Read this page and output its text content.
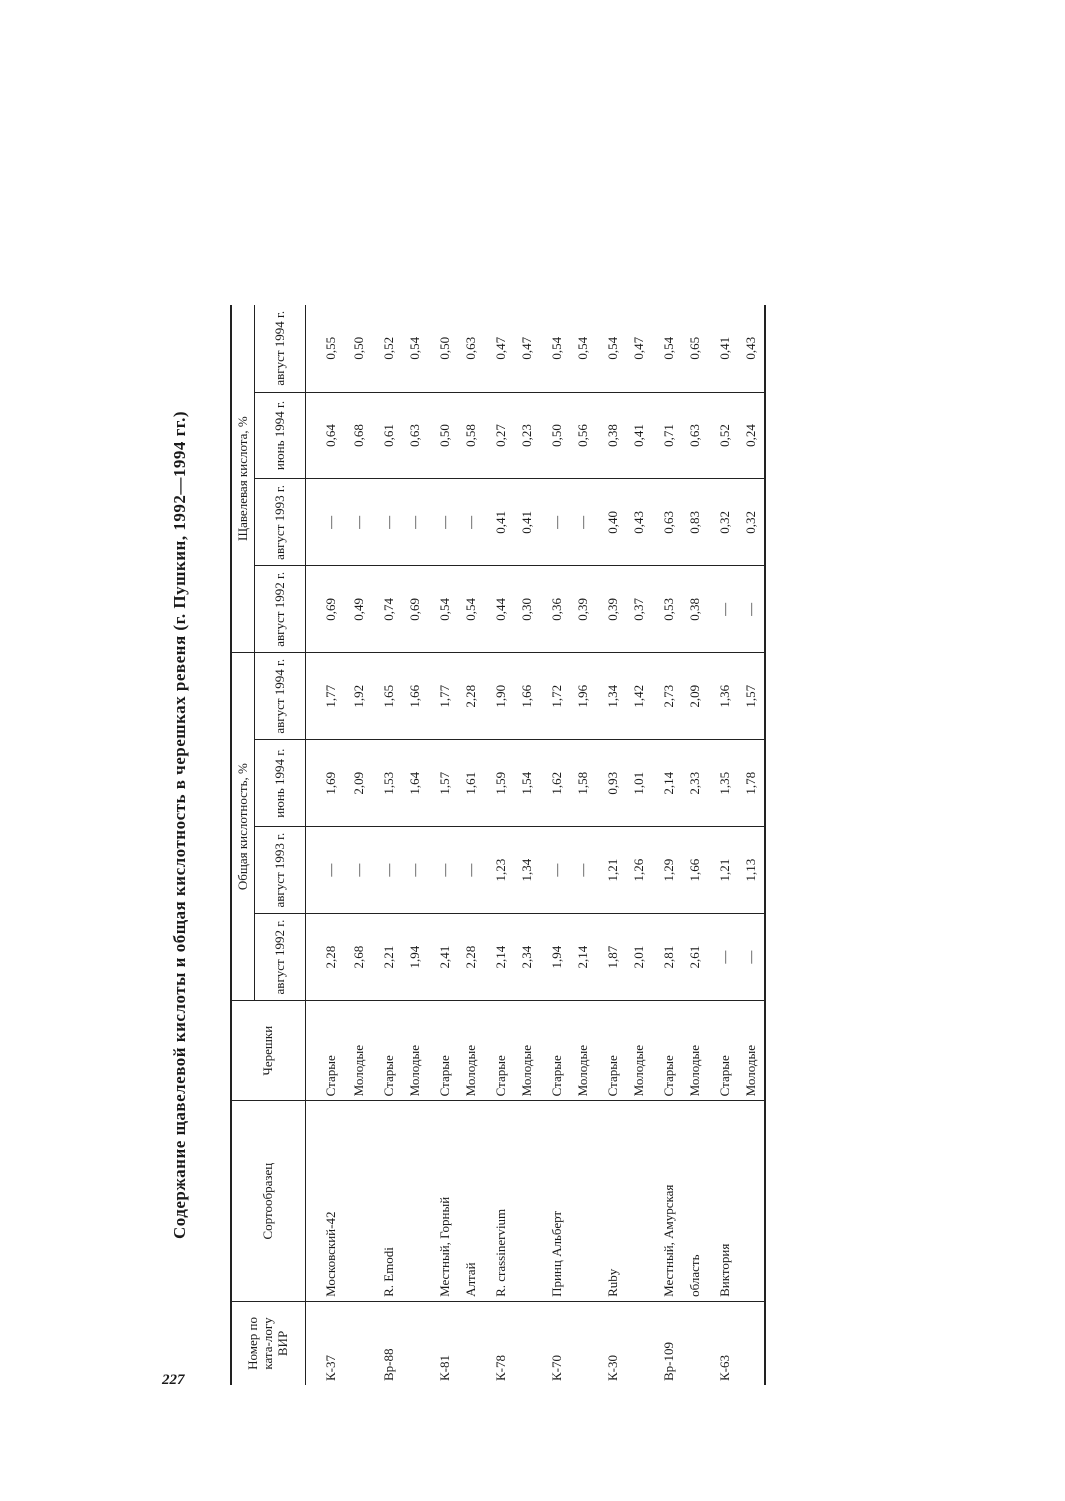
Содержание щавелевой кислоты и общая кислотность в черешках ревеня (г. Пушкин, 1992—1994 гг.)
Номер по ката-логу ВИР	Сортообразец	Черешки	Общая кислотность, %				Щавелевая кислота, %			
			август 1992 г.	август 1993 г.	июнь 1994 г.	август 1994 г.	август 1992 г.	август 1993 г.	июнь 1994 г.	август 1994 г.
К-37	Московский-42	Старые	2,28	—	1,69	1,77	0,69	—	0,64	0,55
		Молодые	2,68	—	2,09	1,92	0,49	—	0,68	0,50
Вр-88	R. Emodi	Старые	2,21	—	1,53	1,65	0,74	—	0,61	0,52
		Молодые	1,94	—	1,64	1,66	0,69	—	0,63	0,54
К-81	Местный, Горный	Старые	2,41	—	1,57	1,77	0,54	—	0,50	0,50
	Алтай	Молодые	2,28	—	1,61	2,28	0,54	—	0,58	0,63
К-78	R. crassinervium	Старые	2,14	1,23	1,59	1,90	0,44	0,41	0,27	0,47
		Молодые	2,34	1,34	1,54	1,66	0,30	0,41	0,23	0,47
К-70	Принц Альберт	Старые	1,94	—	1,62	1,72	0,36	—	0,50	0,54
		Молодые	2,14	—	1,58	1,96	0,39	—	0,56	0,54
К-30	Ruby	Старые	1,87	1,21	0,93	1,34	0,39	0,40	0,38	0,54
		Молодые	2,01	1,26	1,01	1,42	0,37	0,43	0,41	0,47
Вр-109	Местный, Амурская	Старые	2,81	1,29	2,14	2,73	0,53	0,63	0,71	0,54
	область	Молодые	2,61	1,66	2,33	2,09	0,38	0,83	0,63	0,65
К-63	Виктория	Старые	—	1,21	1,35	1,36	—	0,32	0,52	0,41
		Молодые	—	1,13	1,78	1,57	—	0,32	0,24	0,43
227
